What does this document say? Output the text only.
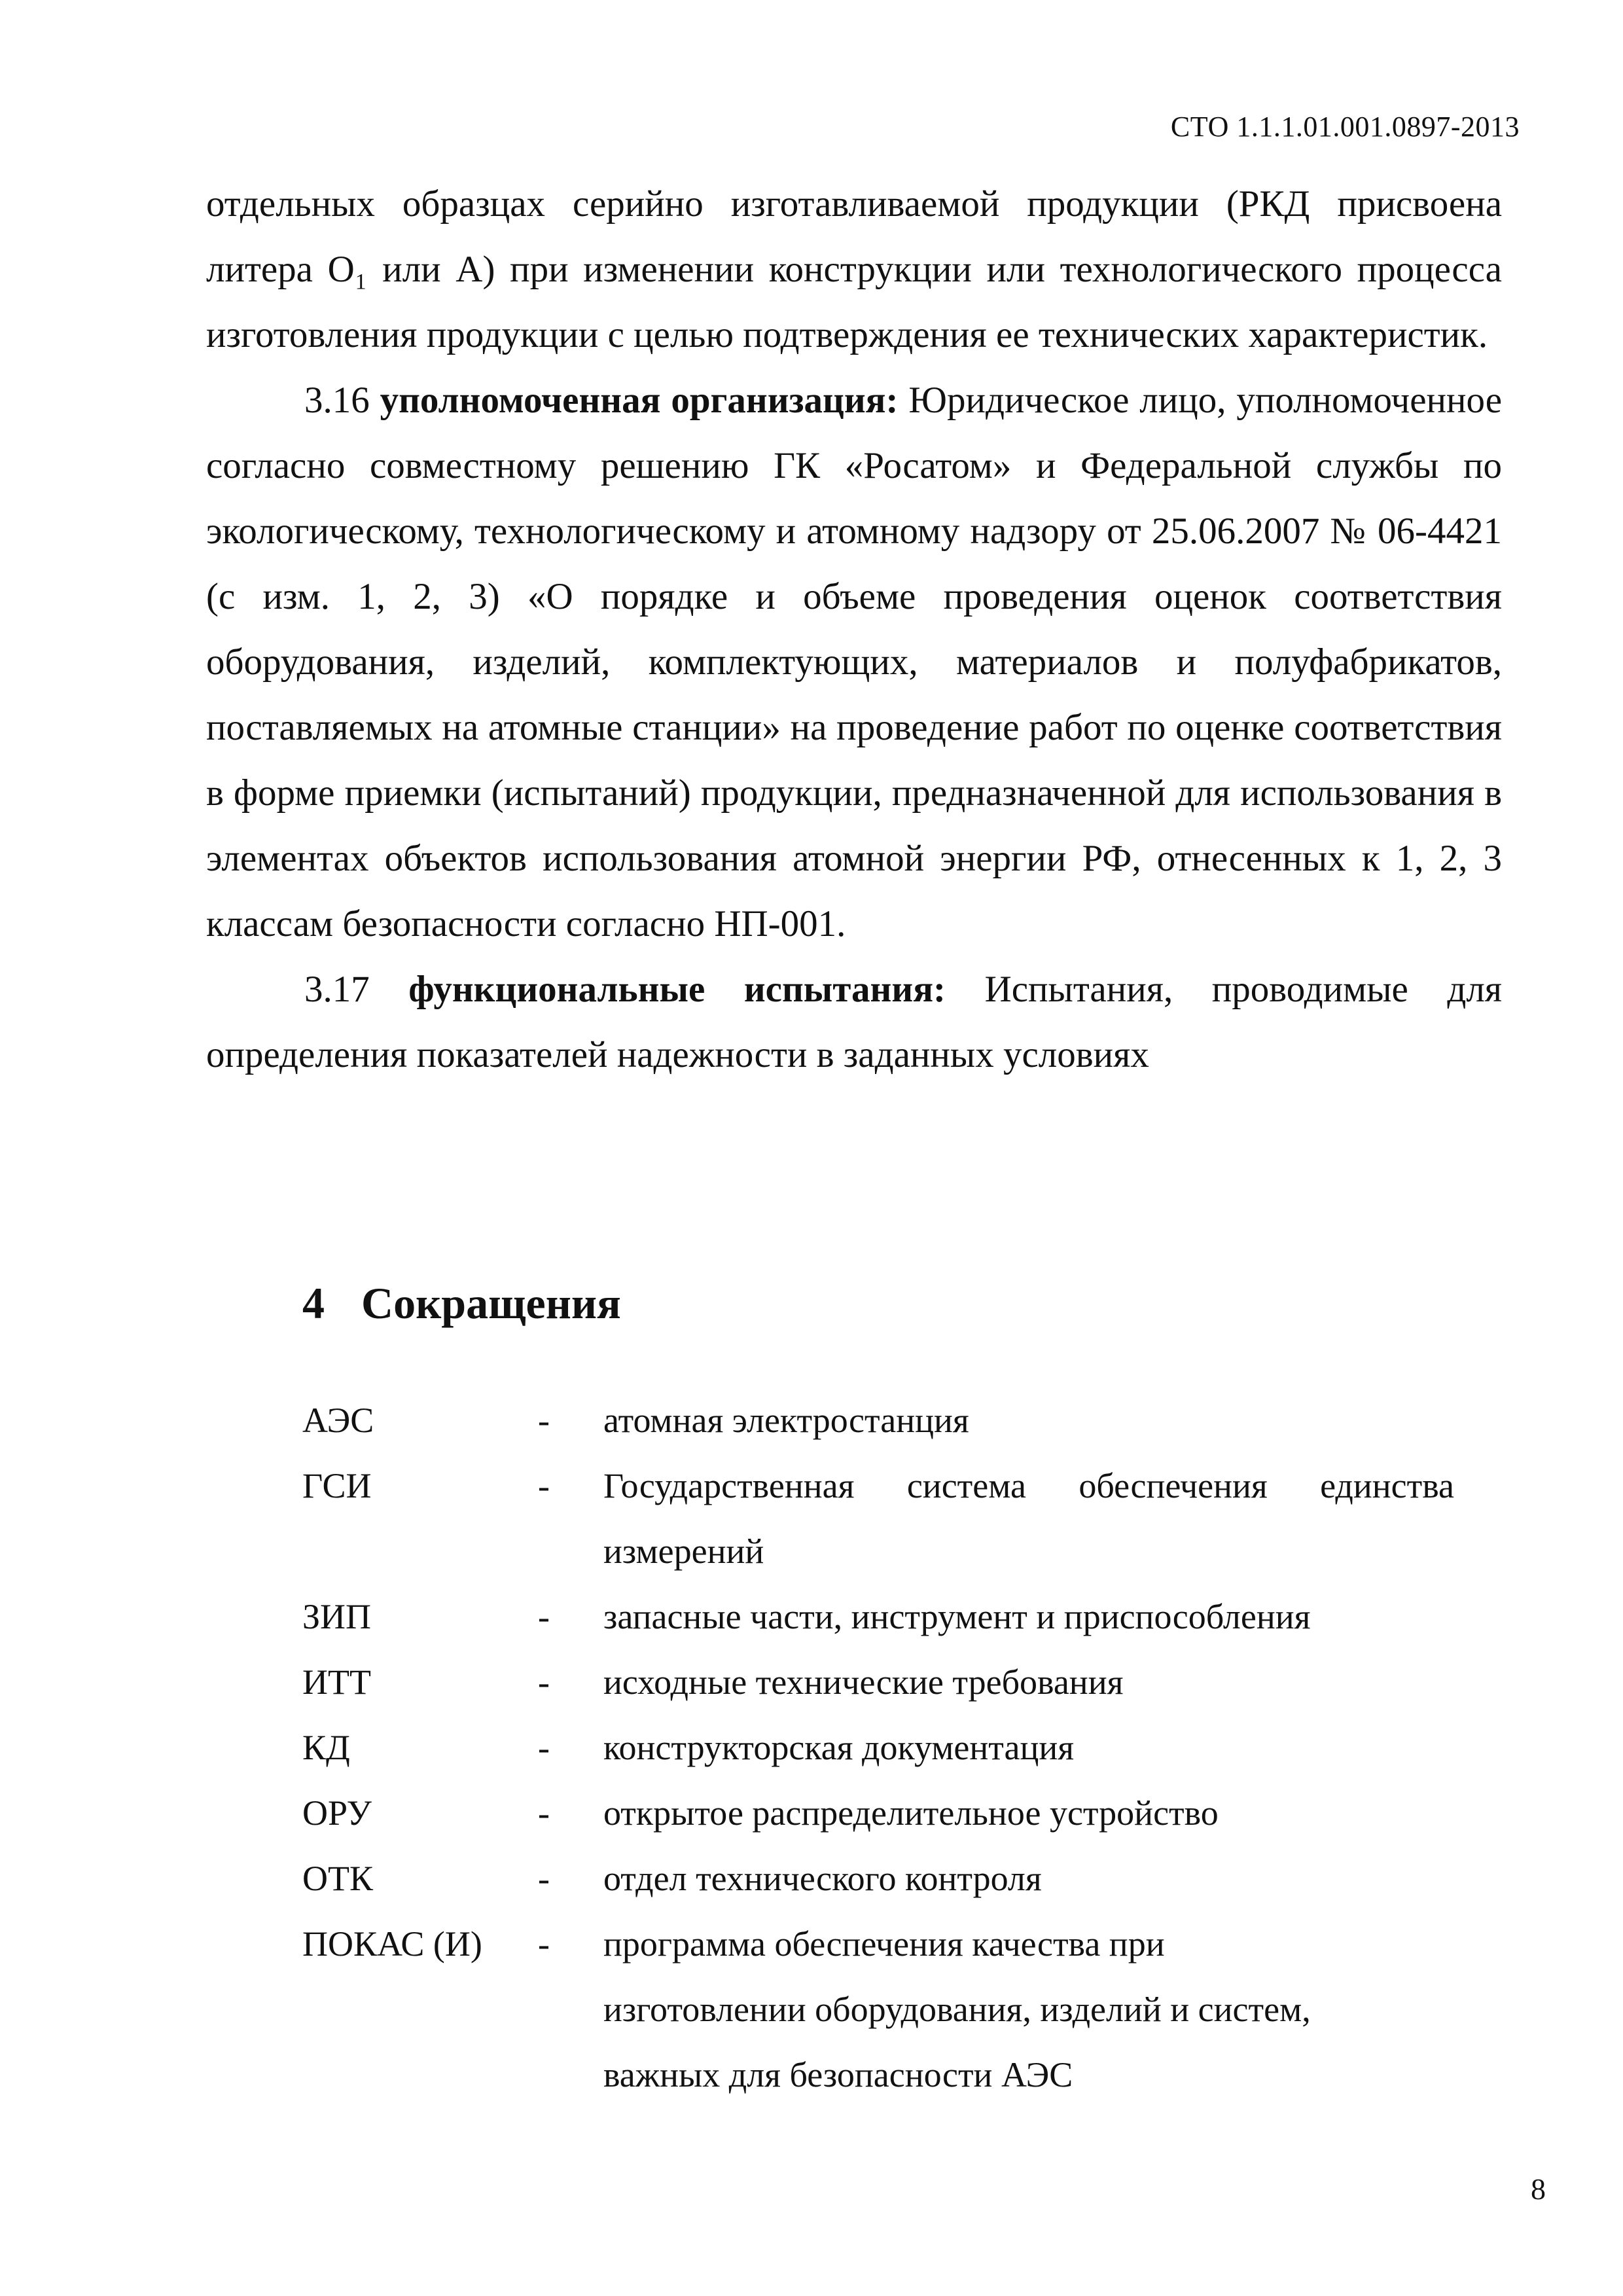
СТО 1.1.1.01.001.0897-2013

отдельных образцах серийно изготавливаемой продукции (РКД присвоена литера O₁ или А) при изменении конструкции или технологического процесса изготовления продукции с целью подтверждения ее технических характеристик.

3.16 уполномоченная организация: Юридическое лицо, уполномоченное согласно совместному решению ГК «Росатом» и Федеральной службы по экологическому, технологическому и атомному надзору от 25.06.2007 № 06-4421 (с изм. 1, 2, 3) «О порядке и объеме проведения оценок соответствия оборудования, изделий, комплектующих, материалов и полуфабрикатов, поставляемых на атомные станции» на проведение работ по оценке соответствия в форме приемки (испытаний) продукции, предназначенной для использования в элементах объектов использования атомной энергии РФ, отнесенных к 1, 2, 3 классам безопасности согласно НП-001.

3.17 функциональные испытания: Испытания, проводимые для определения показателей надежности в заданных условиях

4 Сокращения
АЭС	-	атомная электростанция
ГСИ	-	Государственная система обеспечения единства измерений
ЗИП	-	запасные части, инструмент и приспособления
ИТТ	-	исходные технические требования
КД	-	конструкторская документация
ОРУ	-	открытое распределительное устройство
ОТК	-	отдел технического контроля
ПОКАС (И)	-	программа обеспечения качества при изготовлении оборудования, изделий и систем, важных для безопасности АЭС
8
